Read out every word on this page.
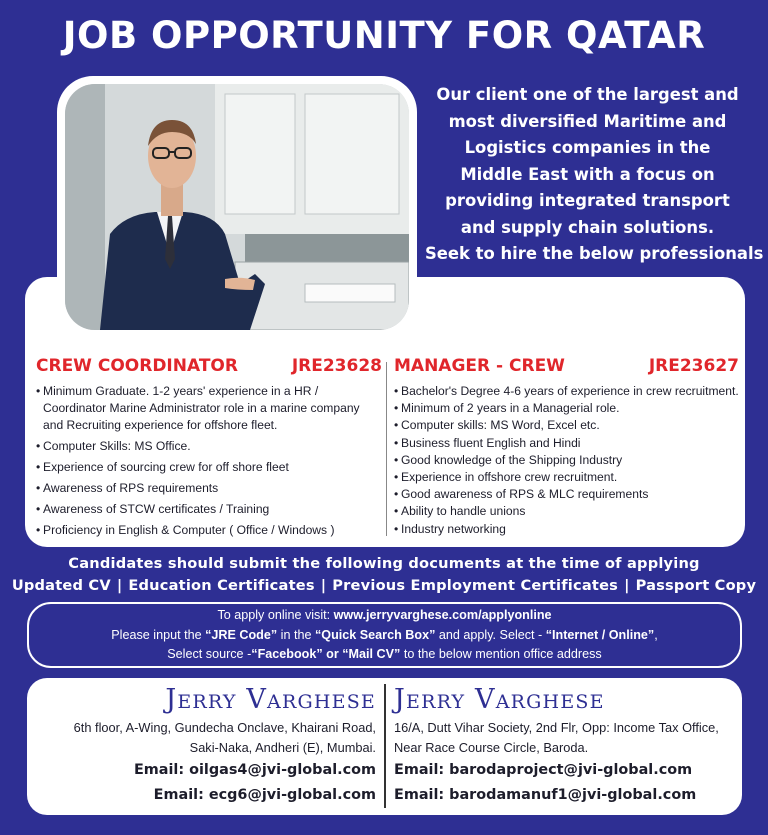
JOB OPPORTUNITY FOR QATAR
Our client one of the largest and
most diversified Maritime and
Logistics companies in the
Middle East with a focus on
providing integrated transport
and supply chain solutions.
Seek to hire the below professionals
CREW COORDINATOR	JRE23628
• Minimum Graduate. 1-2 years' experience in a HR / Coordinator Marine Administrator role in a marine company and Recruiting experience for offshore fleet.
• Computer Skills: MS Office.
• Experience of sourcing crew for off shore fleet
• Awareness of RPS requirements
• Awareness of STCW certificates / Training
• Proficiency in English & Computer ( Office / Windows )
MANAGER - CREW	JRE23627
• Bachelor's Degree 4-6 years of experience in crew recruitment.
• Minimum of 2 years in a Managerial role.
• Computer skills: MS Word, Excel etc.
• Business fluent English and Hindi
• Good knowledge of the Shipping Industry
• Experience in offshore crew recruitment.
• Good awareness of RPS & MLC requirements
• Ability to handle unions
• Industry networking
Candidates should submit the following documents at the time of applying
Updated CV | Education Certificates | Previous Employment Certificates | Passport Copy
To apply online visit: www.jerryvarghese.com/applyonline
Please input the “JRE Code” in the “Quick Search Box” and apply. Select - “Internet / Online”,
Select source -“Facebook” or “Mail CV” to the below mention office address
Jerry Varghese
6th floor, A-Wing, Gundecha Onclave, Khairani Road,
Saki-Naka, Andheri (E), Mumbai.
Email: oilgas4@jvi-global.com
Email: ecg6@jvi-global.com
Jerry Varghese
16/A, Dutt Vihar Society, 2nd Flr, Opp: Income Tax Office,
Near Race Course Circle, Baroda.
Email: barodaproject@jvi-global.com
Email: barodamanuf1@jvi-global.com
